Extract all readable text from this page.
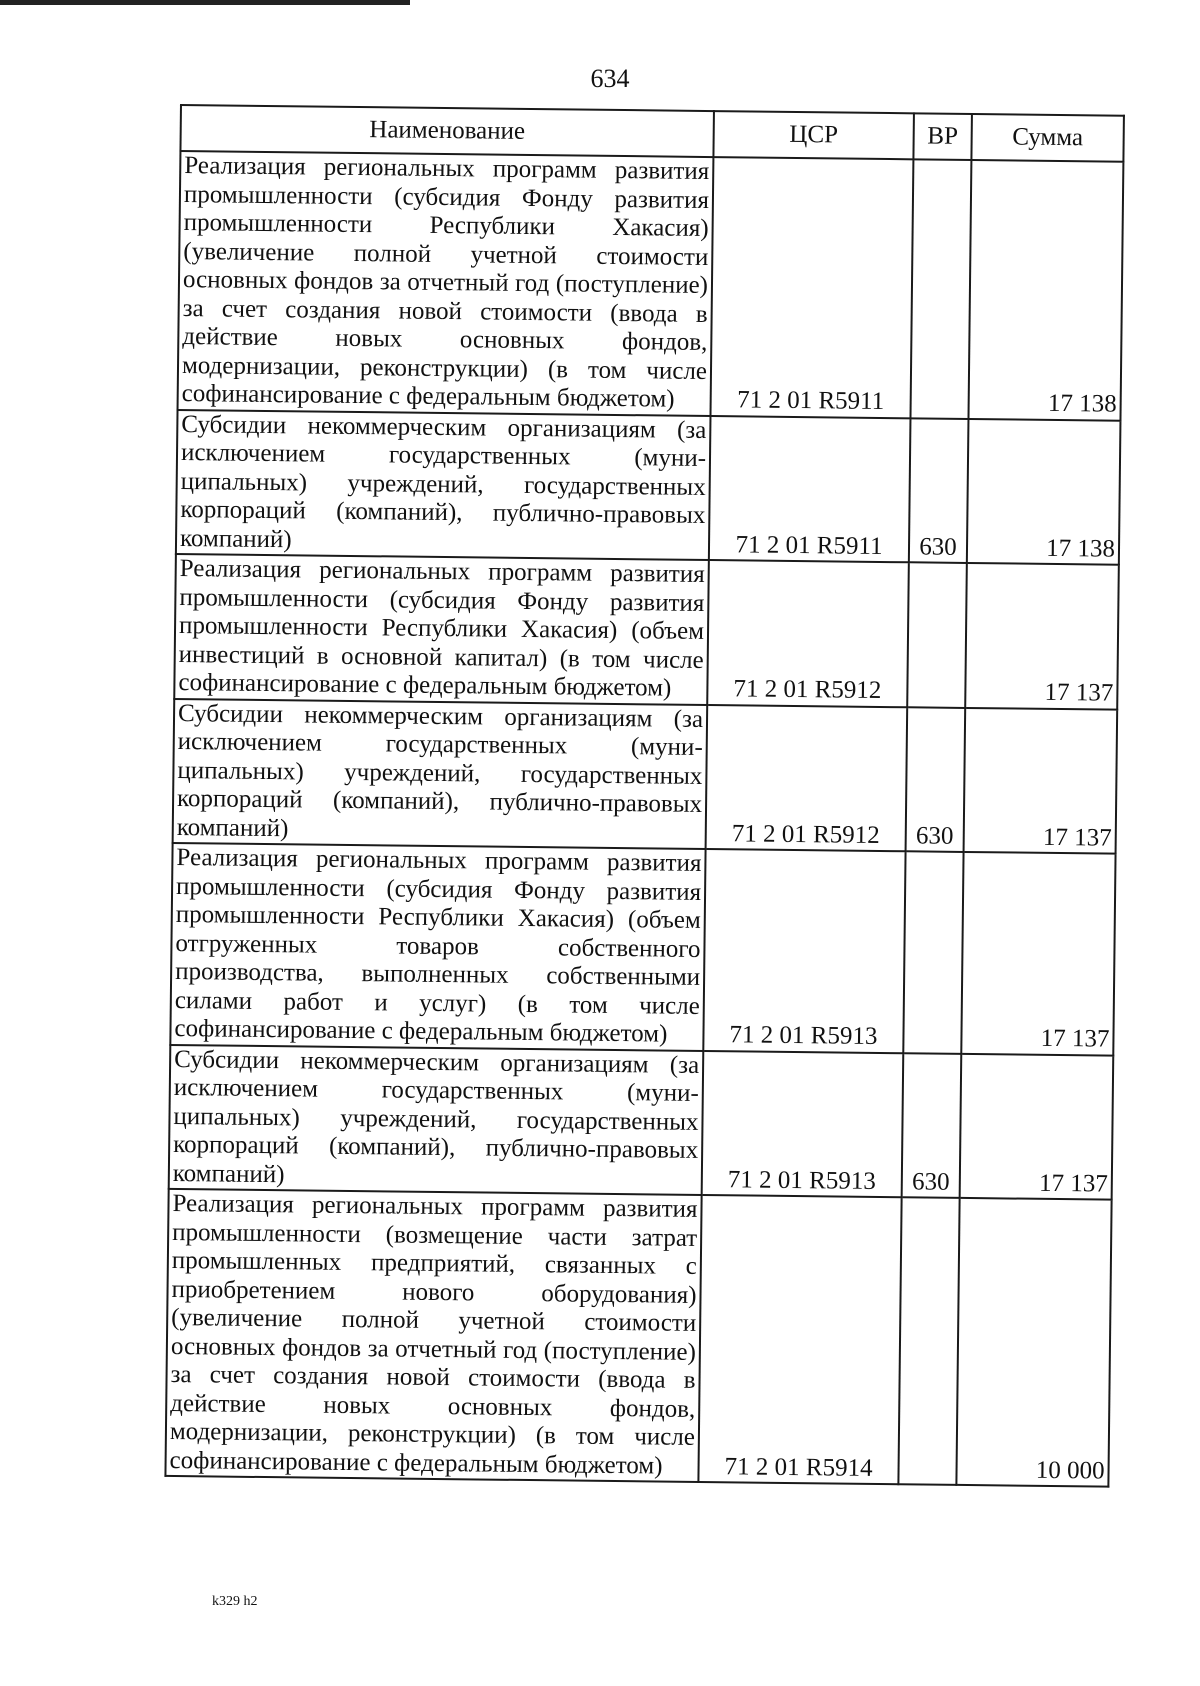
634
Наименование	ЦСР	ВР	Сумма
Реализация региональных программ развития промышленности (субсидия Фонду развития промышленности Республики Хакасия) (увеличение полной учетной стоимости основных фондов за отчетный год (поступление) за счет создания новой стоимости (ввода в действие новых основных фондов, модернизации, реконструкции) (в том числе софинансирование с федеральным бюджетом)	71 2 01 R5911		17 138
Субсидии некоммерческим организациям (за исключением государственных (муниципальных) учреждений, государственных корпораций (компаний), публично-правовых компаний)	71 2 01 R5911	630	17 138
Реализация региональных программ развития промышленности (субсидия Фонду развития промышленности Республики Хакасия) (объем инвестиций в основной капитал) (в том числе софинансирование с федеральным бюджетом)	71 2 01 R5912		17 137
Субсидии некоммерческим организациям (за исключением государственных (муниципальных) учреждений, государственных корпораций (компаний), публично-правовых компаний)	71 2 01 R5912	630	17 137
Реализация региональных программ развития промышленности (субсидия Фонду развития промышленности Республики Хакасия) (объем отгруженных товаров собственного производства, выполненных собственными силами работ и услуг) (в том числе софинансирование с федеральным бюджетом)	71 2 01 R5913		17 137
Субсидии некоммерческим организациям (за исключением государственных (муниципальных) учреждений, государственных корпораций (компаний), публично-правовых компаний)	71 2 01 R5913	630	17 137
Реализация региональных программ развития промышленности (возмещение части затрат промышленных предприятий, связанных с приобретением нового оборудования) (увеличение полной учетной стоимости основных фондов за отчетный год (поступление) за счет создания новой стоимости (ввода в действие новых основных фондов, модернизации, реконструкции) (в том числе софинансирование с федеральным бюджетом)	71 2 01 R5914		10 000
k329 h2
